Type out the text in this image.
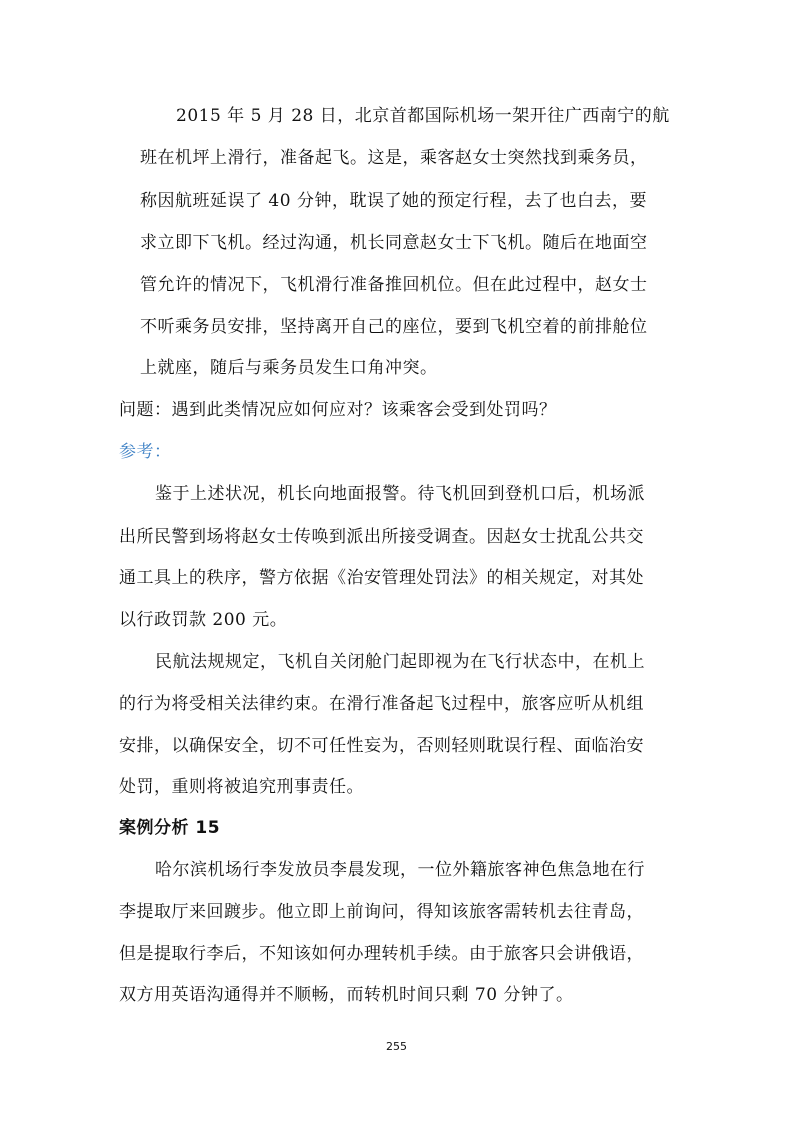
2015 年 5 月 28 日，北京首都国际机场一架开往广西南宁的航
班在机坪上滑行，准备起飞。这是，乘客赵女士突然找到乘务员，
称因航班延误了 40 分钟，耽误了她的预定行程，去了也白去，要
求立即下飞机。经过沟通，机长同意赵女士下飞机。随后在地面空
管允许的情况下，飞机滑行准备推回机位。但在此过程中，赵女士
不听乘务员安排，坚持离开自己的座位，要到飞机空着的前排舱位
上就座，随后与乘务员发生口角冲突。
问题：遇到此类情况应如何应对？该乘客会受到处罚吗？
参考：
鉴于上述状况，机长向地面报警。待飞机回到登机口后，机场派
出所民警到场将赵女士传唤到派出所接受调查。因赵女士扰乱公共交
通工具上的秩序，警方依据《治安管理处罚法》的相关规定，对其处
以行政罚款 200 元。
民航法规规定，飞机自关闭舱门起即视为在飞行状态中，在机上
的行为将受相关法律约束。在滑行准备起飞过程中，旅客应听从机组
安排，以确保安全，切不可任性妄为，否则轻则耽误行程、面临治安
处罚，重则将被追究刑事责任。
案例分析 15
哈尔滨机场行李发放员李晨发现，一位外籍旅客神色焦急地在行
李提取厅来回踱步。他立即上前询问，得知该旅客需转机去往青岛，
但是提取行李后，不知该如何办理转机手续。由于旅客只会讲俄语，
双方用英语沟通得并不顺畅，而转机时间只剩 70 分钟了。
255
